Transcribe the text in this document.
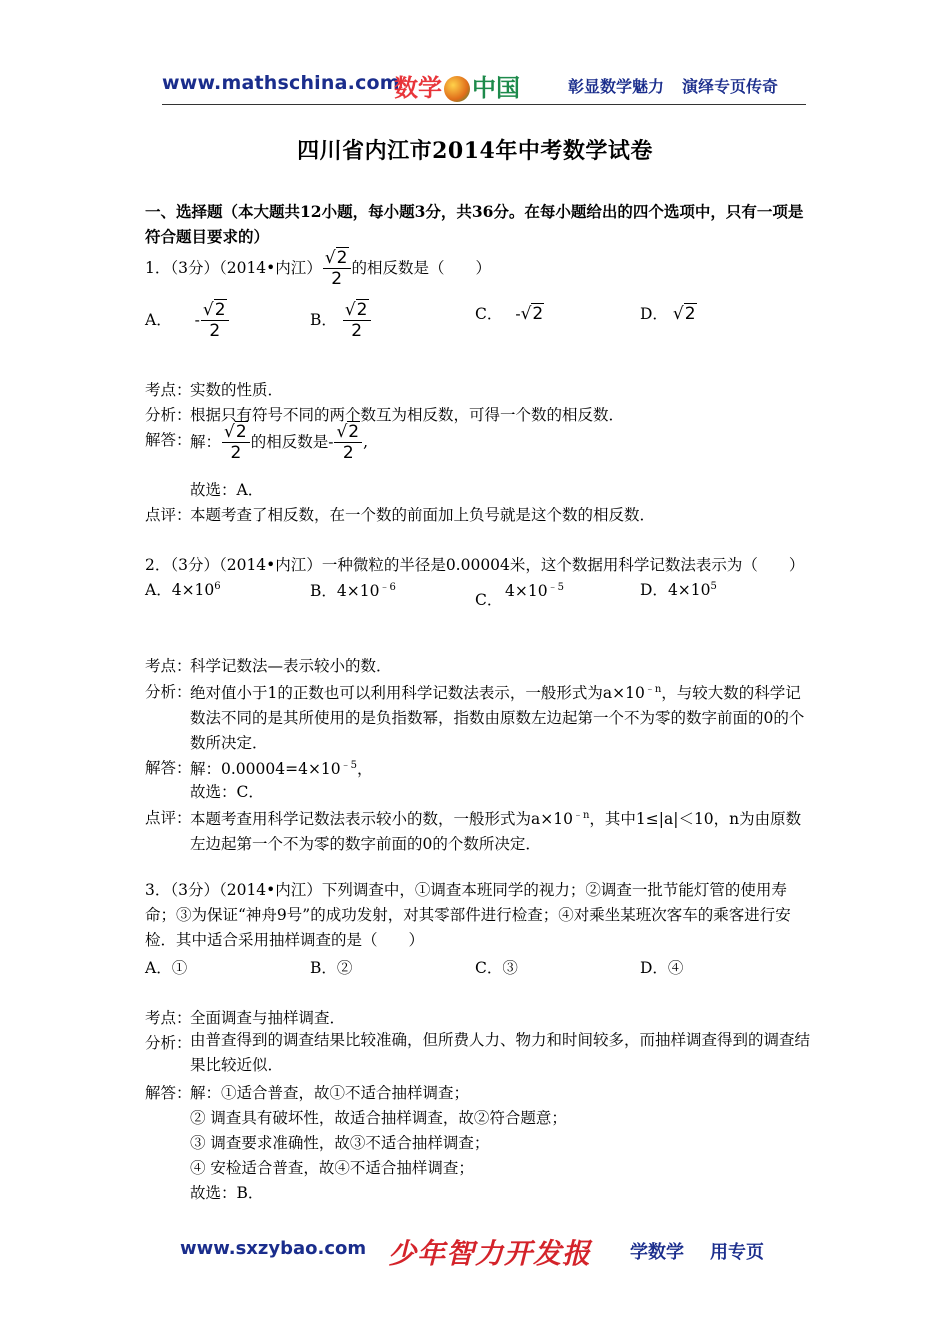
www.mathschina.com
数学 中国	彰显数学魅力 演绎专页传奇
四川省内江市2014年中考数学试卷
一、选择题（本大题共12小题，每小题3分，共36分。在每小题给出的四个选项中，只有一项是符合题目要求的）
1．（3分）（2014•内江） $\frac{√2}{2}$ 的相反数是（　　）
A． - $\frac{√2}{2}$	B． $\frac{√2}{2}$	C． -√2	D． √2
考点：
实数的性质．
分析：
根据只有符号不同的两个数互为相反数，可得一个数的相反数．
解答：
解： $\frac{√2}{2}$ 的相反数是- $\frac{√2}{2}$ ,
故选：A．
点评：
本题考查了相反数，在一个数的前面加上负号就是这个数的相反数．
2．（3分）（2014•内江）一种微粒的半径是0.00004米，这个数据用科学记数法表示为（　　）
A．$4\times 10^6$	B．$4\times 10^{﹣6}$
C． $4\times 10^{﹣5}$	D．$4\times 10^5$
考点：
科学记数法—表示较小的数．
分析：
绝对值小于1的正数也可以利用科学记数法表示，一般形式为$a\times 10^{﹣n}$，与较大数的科学记数法不同的是其所使用的是负指数幂，指数由原数左边起第一个不为零的数字前面的0的个数所决定．
解答：
解：$0.00004=4\times 10^{﹣5}$，
故选：C．
点评：
本题考查用科学记数法表示较小的数，一般形式为$a\times 10^{﹣n}$，其中1≤|a|＜10，n为由原数左边起第一个不为零的数字前面的0的个数所决定．
3．（3分）（2014•内江）下列调查中，①调查本班同学的视力；②调查一批节能灯管的使用寿命；③为保证“神舟9号”的成功发射，对其零部件进行检查；④对乘坐某班次客车的乘客进行安检．其中适合采用抽样调查的是（　　）
A．①	B．②	C．③	D．④
考点：
全面调查与抽样调查．
分析：
由普查得到的调查结果比较准确，但所费人力、物力和时间较多，而抽样调查得到的调查结果比较近似．
解答：
解：①适合普查，故①不适合抽样调查；
② 调查具有破坏性，故适合抽样调查，故②符合题意；
③ 调查要求准确性，故③不适合抽样调查；
④ 安检适合普查，故④不适合抽样调查；
故选：B．
www.sxzybao.com 少年智力开发报 学数学 用专页
